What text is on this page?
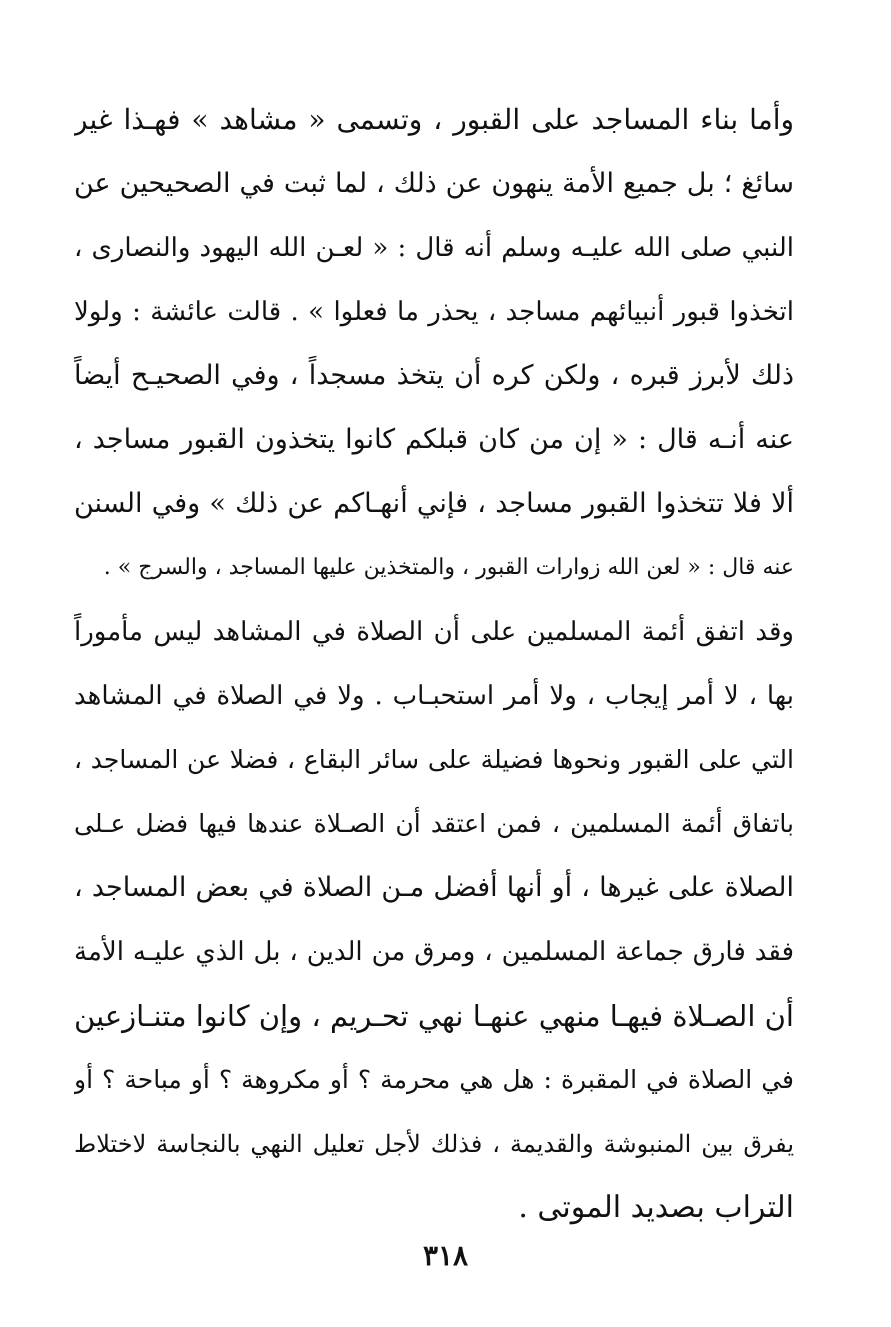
وأما بناء المساجد على القبور ، وتسمى « مشاهد » فهـذا غير
سائغ ؛ بل جميع الأمة ينهون عن ذلك ، لما ثبت في الصحيحين عن
النبي صلى الله عليـه وسلم أنه قال : « لعـن الله اليهود والنصارى ،
اتخذوا قبور أنبيائهم مساجد ، يحذر ما فعلوا » . قالت عائشة : ولولا
ذلك لأبرز قبره ، ولكن كره أن يتخذ مسجداً ، وفي الصحيـح أيضاً
عنه أنـه قال : « إن من كان قبلكم كانوا يتخذون القبور مساجد ،
ألا فلا تتخذوا القبور مساجد ، فإني أنهـاكم عن ذلك » وفي السنن
عنه قال : « لعن الله زوارات القبور ، والمتخذين عليها المساجد ، والسرج » .
وقد اتفق أئمة المسلمين على أن الصلاة في المشاهد ليس مأموراً
بها ، لا أمر إيجاب ، ولا أمر استحبـاب . ولا في الصلاة في المشاهد
التي على القبور ونحوها فضيلة على سائر البقاع ، فضلا عن المساجد ،
باتفاق أئمة المسلمين ، فمن اعتقد أن الصـلاة عندها فيها فضل عـلى
الصلاة على غيرها ، أو أنها أفضل مـن الصلاة في بعض المساجد ،
فقد فارق جماعة المسلمين ، ومرق من الدين ، بل الذي عليـه الأمة
أن الصـلاة فيهـا منهي عنهـا نهي تحـريم ، وإن كانوا متنـازعين
في الصلاة في المقبرة : هل هي محرمة ؟ أو مكروهة ؟ أو مباحة ؟ أو
يفرق بين المنبوشة والقديمة ، فذلك لأجل تعليل النهي بالنجاسة لاختلاط
التراب بصديد الموتى .
٣١٨
